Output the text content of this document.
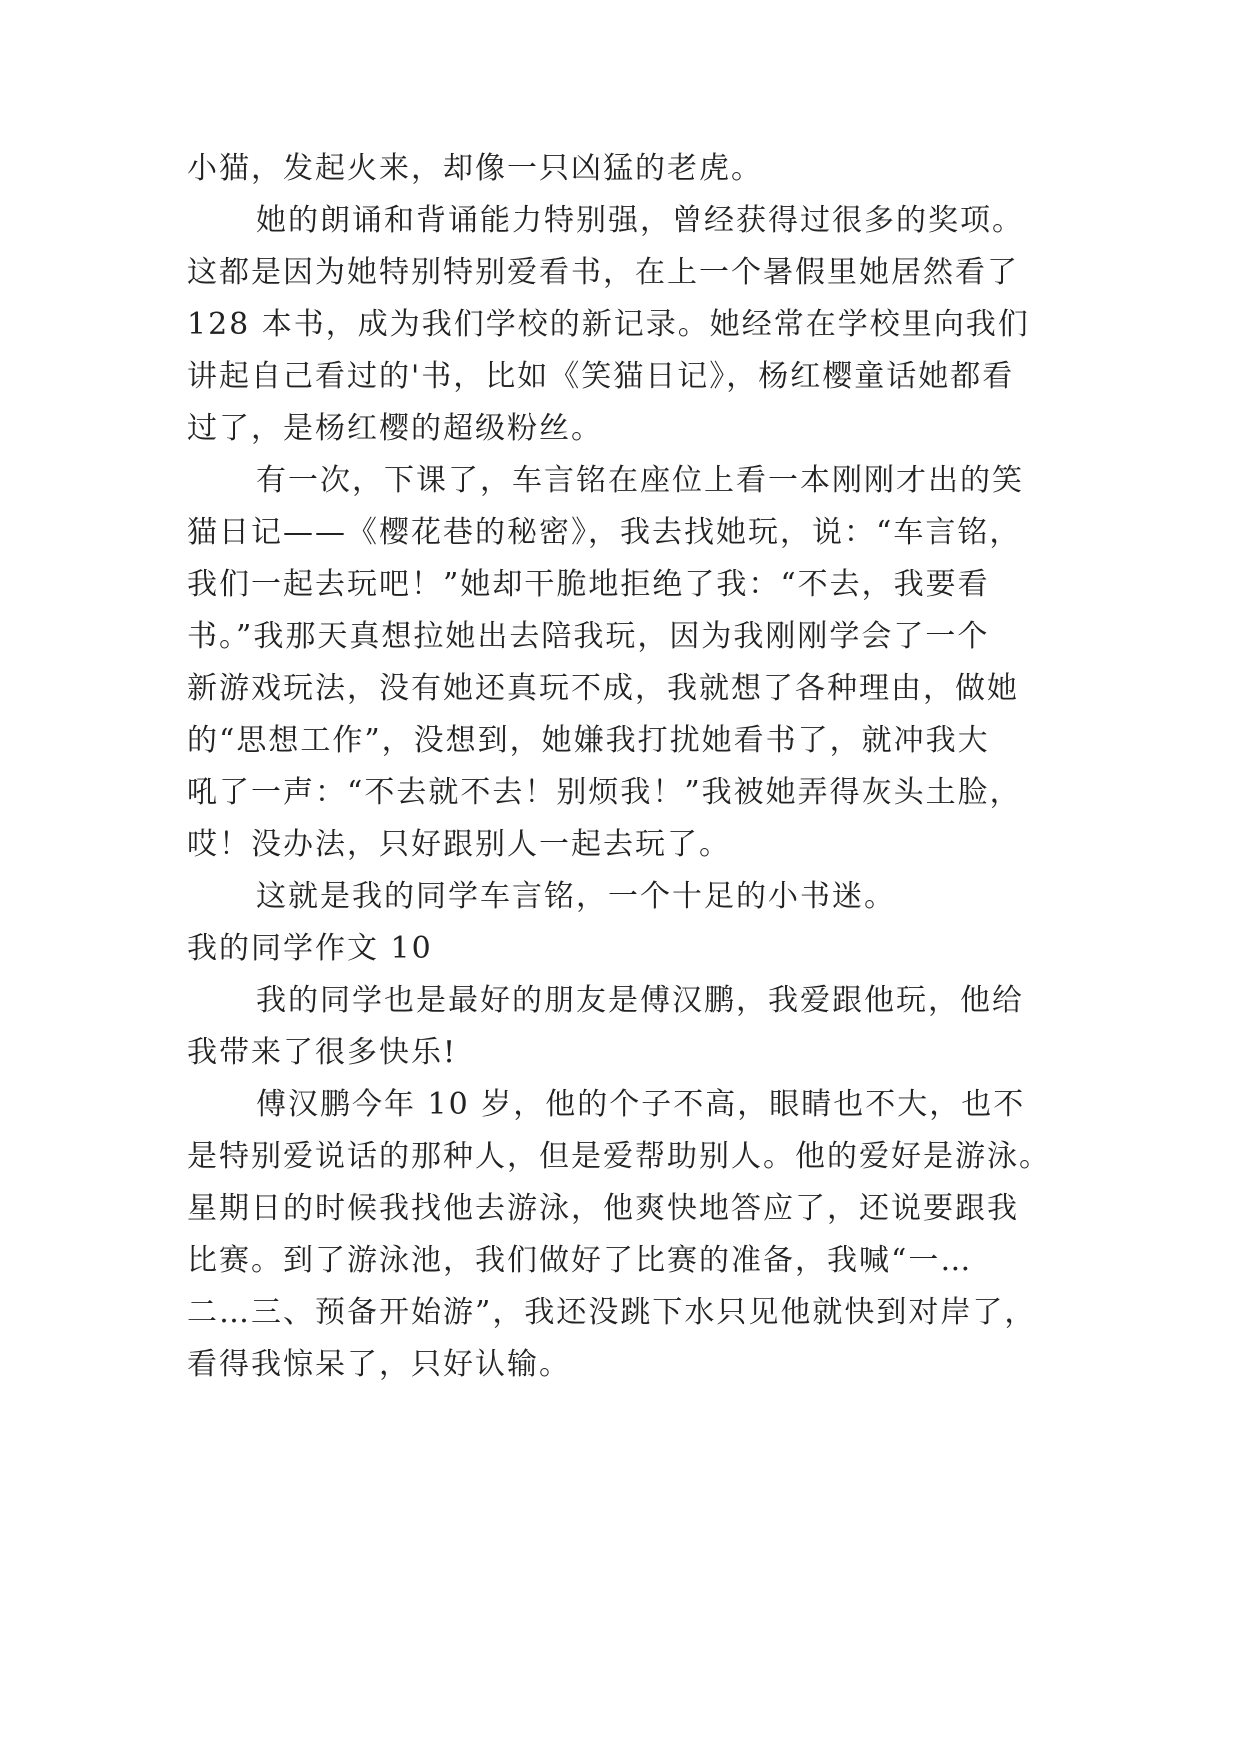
小猫，发起火来，却像一只凶猛的老虎。
她的朗诵和背诵能力特别强，曾经获得过很多的奖项。
这都是因为她特别特别爱看书，在上一个暑假里她居然看了
128 本书，成为我们学校的新记录。她经常在学校里向我们
讲起自己看过的'书，比如《笑猫日记》，杨红樱童话她都看
过了，是杨红樱的超级粉丝。
有一次，下课了，车言铭在座位上看一本刚刚才出的笑
猫日记——《樱花巷的秘密》，我去找她玩，说：“车言铭，
我们一起去玩吧！”她却干脆地拒绝了我：“不去，我要看
书。”我那天真想拉她出去陪我玩，因为我刚刚学会了一个
新游戏玩法，没有她还真玩不成，我就想了各种理由，做她
的“思想工作”，没想到，她嫌我打扰她看书了，就冲我大
吼了一声：“不去就不去！别烦我！”我被她弄得灰头土脸，
哎！没办法，只好跟别人一起去玩了。
这就是我的同学车言铭，一个十足的小书迷。
我的同学作文 10
我的同学也是最好的朋友是傅汉鹏，我爱跟他玩，他给
我带来了很多快乐!
傅汉鹏今年 10 岁，他的个子不高，眼睛也不大，也不
是特别爱说话的那种人，但是爱帮助别人。他的爱好是游泳。
星期日的时候我找他去游泳，他爽快地答应了，还说要跟我
比赛。到了游泳池，我们做好了比赛的准备，我喊“一…
二…三、预备开始游”，我还没跳下水只见他就快到对岸了，
看得我惊呆了，只好认输。
